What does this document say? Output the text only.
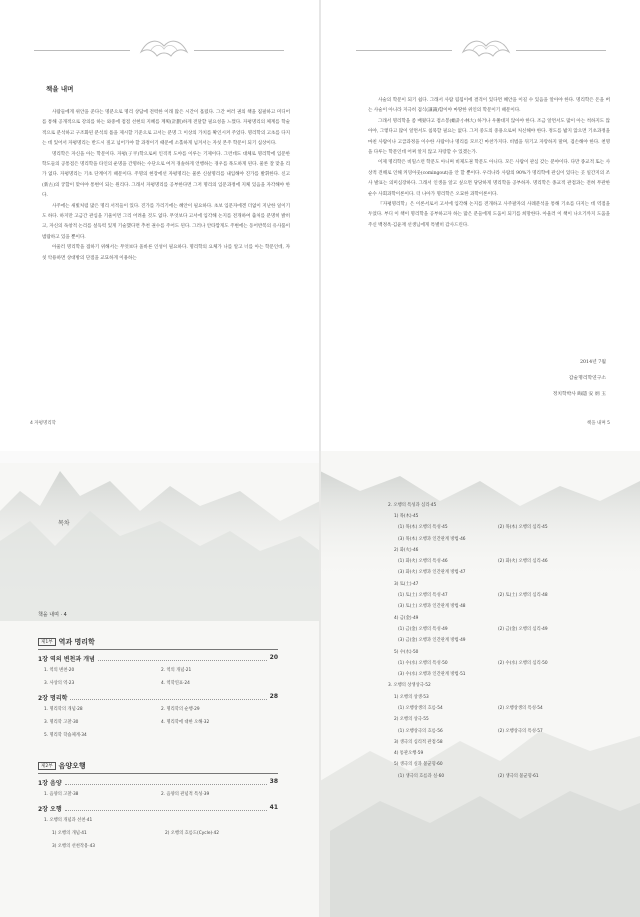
책을 내며

사람들에게 위안을 준다는 명분으로 명리 상담에 전력한 이래 많은 시간이 흘렀다. 그간 여러 권의 책을 집필하고 미디어를 통해 공개적으로 강의를 하는 와중에 점점 선현의 지혜를 계획(計劃)하게 전달할 필요성을 느꼈다. 자평명리의 체계를 학술적으로 분석하고 구조화된 분석의 틀을 제시할 기준으로 고서는 분명 그 이상의 가치를 확인시켜 주었다. 명리학의 고초를 다지는 데 있어서 자평명리는 반드시 짚고 넘어가야 할 과정이기 때문에 소홀하게 넘겨서는 자칫 본주 학문이 되기 십상이다.

명리학은 자신을 아는 학문이다. 자평(子平)학으로써 인격적 도야를 이루는 기제이다. 그런데도 대체로 명리학에 입문한 학도들의 공통점은 명리학을 타인의 운명을 간명하는 수단으로 여겨 경솔하게 언행하는 경우를 목도하게 된다. 물론 잘 맞을 리가 없다. 자평명리는 기초 단계이기 때문이다. 주명의 현장에선 자평명리는 물론 신살명리를 내입해야 진가를 발휘한다. 신고(新古)의 궁합이 맞아야 통변이 되는 원리다. 그래서 자평명리를 공부한다면 그저 명리의 입문과정에 지체 있음을 자각해야 한다.

사주에는 새빛처럼 많은 명리 서적들이 있다. 진가를 가리기에는 혜안이 필요하다. 초보 입문자에겐 더없이 지난한 일이기도 하다. 하지만 고금간 관심을 기울이면 그리 어려울 것도 없다. 무엇보다 고서에 입각해 논지를 전개하여 출처를 분명히 밝히고, 자신의 독창적 논리를 설득력 있게 기술했다면 추천 권수를 주어도 된다. 그러나 안타깝게도 주변에는 동어반복의 유사품이 범람하고 있을 뿐이다.

아울러 명리학을 접하기 위해서는 무엇보다 올바른 인성이 필요하다. 명리학의 요체가 나를 알고 너를 아는 학문인데, 자칫 악용하면 상대방의 단점을 교묘하게 이용하는

사술의 학문이 되기 쉽다. 그래서 사람 됨됨이에 결격이 있다면 혜안을 이길 수 있음을 알아야 한다. 명리학은 돈을 버는 사술이 아니라 지극히 겸식(謙識)함이야 마땅한 위인의 학문이기 때문이다.

그래서 명리학을 좀 배웠다고 점소봉(蟾訃小林大) 하거나 우쭐대지 않아야 한다. 조금 알면서도 많이 아는 척하지도 않아야, 그렇다고 많이 알면서도 침묵할 필요는 없다. 그저 중도의 중용으로써 처신해야 한다. 정도를 밟지 않으면 기초과정을 마친 사람이나 고급과정을 이수한 사람이나 명리를 모르긴 마찬가지다. 비법을 뒤기고 자랑하지 말며, 겸손해야 한다. 천명을 다루는 학문인데 어찌 알지 않고 자랑할 수 있겠는가.

이제 명리학은 비밀스런 학문도 아니며 비제도권 학문도 아니다. 모든 사람이 관심 갖는 분야이다. 다만 종교적 또는 사상적 견해로 인해 커밍아웃(comingout)을 안 할 뿐이다. 우리나라 사람의 90%가 명리학에 관심이 있다는 곳 일간지의 조사 발표는 의미심장하다. 그래서 인생을 알고 싶으면 당당하게 명리학을 공부하자. 명리학은 종교적 관점과는 전혀 무관한 순수 사회과학이론이다. 더 나아가 명리학은 오묘한 과학이론이다.

『자평명리학』은 이론서로서 고서에 입각해 논지를 전개하고 사주팔자의 사례분석을 통해 기초를 다지는 데 역점을 두었다. 부디 이 책이 명리학을 공부하고자 하는 많은 분들에게 도움이 되기를 희망한다. 아울러 이 책이 나오기까지 도움을 주신 백정옥·김윤재 선생님에게 특별히 감사드린다.

2014년 7월
갑술명리학연구소
정치학박사 晦隱 安 炳 玉
4 자평명리학	책을 내며 5
목차
책을 내며 · 4
제1부 역과 명리학
1장 역의 변천과 개념	20
1. 역의 변천·20	2. 역의 개념·21
3. 사상의 역·23	4. 역학연표·24
2장 명리학	28
1. 명리학의 개념·28	2. 명리학의 순행·29
3. 명리학 고찰·30	4. 명리학에 대한 오해·32
5. 명리학 학습체계·34
제2부 음양오행
1장 음양	38
1. 음양의 고찰·38	2. 음양의 관념적 특성·39
2장 오행	41
1. 오행의 개념과 선천·41
1) 오행의 개념·41	2) 오행의 흐름도(Cycle)·42
3) 오행의 선천작용·43
2. 오행의 특성과 심리·45
1) 목(木)·45
(1) 목(木) 오행의 특성·45	(2) 목(木) 오행의 심리·45
(3) 목(木) 오행과 인간관계 방법·46
2) 화(火)·46
(1) 화(火) 오행의 특성·46	(2) 화(火) 오행의 심리·46
(3) 화(火) 오행과 인간관계 방법·47
3) 토(土)·47
(1) 토(土) 오행의 특성·47	(2) 토(土) 오행의 심리·48
(3) 토(土) 오행과 인간관계 방법·48
4) 금(金)·49
(1) 금(金) 오행의 특성·49	(2) 금(金) 오행의 심리·49
(3) 금(金) 오행과 인간관계 방법·49
5) 수(水)·50
(1) 수(水) 오행의 특성·50	(2) 수(水) 오행의 심리·50
(3) 수(水) 오행과 인간관계 방법·51
3. 오행의 상생상극·52
1) 오행의 상생·53
(1) 오행상생의 흐름·54	(2) 오행상생의 특성·54
2) 오행의 상극·55
(1) 오행상극의 흐름·56	(2) 오행상극의 특성·57
3) 생극의 심리적 관점·58
4) 통관오행·59
5) 생극의 실과 불균형·60
(1) 생극의 흐름과 실·60	(2) 생극의 불균형·61
